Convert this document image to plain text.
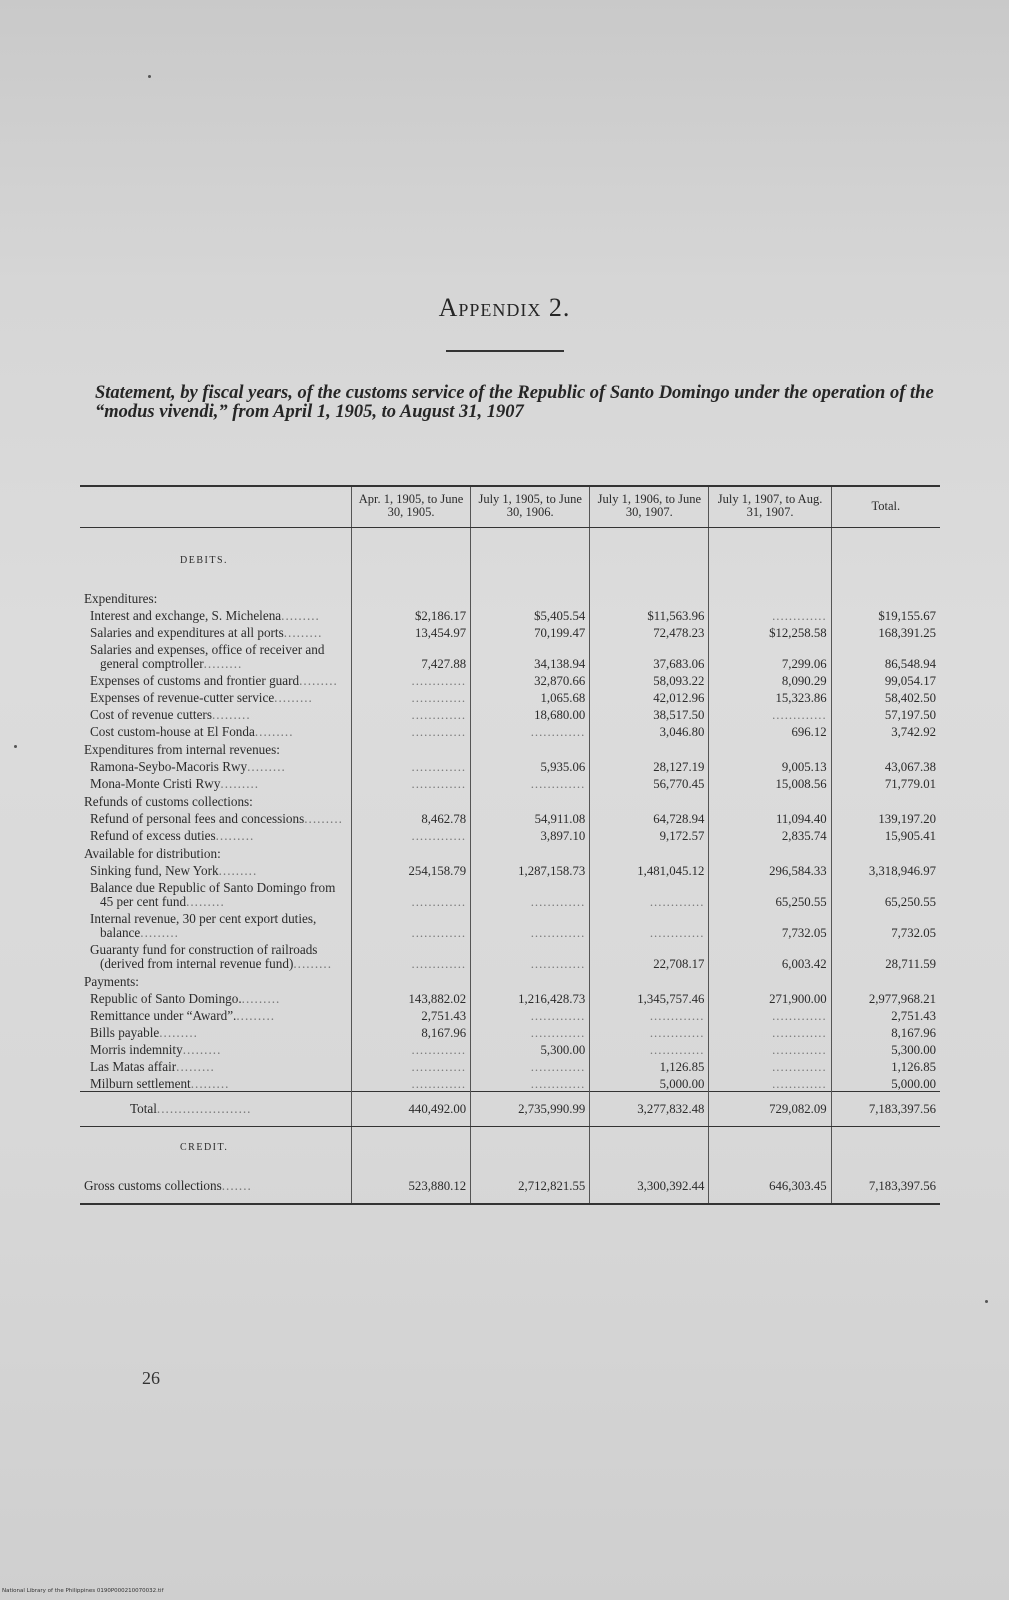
Appendix 2.
Statement, by fiscal years, of the customs service of the Republic of Santo Domingo under the operation of the “modus vivendi,” from April 1, 1905, to August 31, 1907
	Apr. 1, 1905, to June 30, 1905.	July 1, 1905, to June 30, 1906.	July 1, 1906, to June 30, 1907.	July 1, 1907, to Aug. 31, 1907.	Total.
DEBITS.					
Expenditures:					
Interest and exchange, S. Michelena.........	$2,186.17	$5,405.54	$11,563.96	.............	$19,155.67
Salaries and expenditures at all ports.........	13,454.97	70,199.47	72,478.23	$12,258.58	168,391.25
Salaries and expenses, office of receiver and general comptroller.........	7,427.88	34,138.94	37,683.06	7,299.06	86,548.94
Expenses of customs and frontier guard.........	.............	32,870.66	58,093.22	8,090.29	99,054.17
Expenses of revenue-cutter service.........	.............	1,065.68	42,012.96	15,323.86	58,402.50
Cost of revenue cutters.........	.............	18,680.00	38,517.50	.............	57,197.50
Cost custom-house at El Fonda.........	.............	.............	3,046.80	696.12	3,742.92
Expenditures from internal revenues:					
Ramona-Seybo-Macoris Rwy.........	.............	5,935.06	28,127.19	9,005.13	43,067.38
Mona-Monte Cristi Rwy.........	.............	.............	56,770.45	15,008.56	71,779.01
Refunds of customs collections:					
Refund of personal fees and concessions.........	8,462.78	54,911.08	64,728.94	11,094.40	139,197.20
Refund of excess duties.........	.............	3,897.10	9,172.57	2,835.74	15,905.41
Available for distribution:					
Sinking fund, New York.........	254,158.79	1,287,158.73	1,481,045.12	296,584.33	3,318,946.97
Balance due Republic of Santo Domingo from 45 per cent fund.........	.............	.............	.............	65,250.55	65,250.55
Internal revenue, 30 per cent export duties, balance.........	.............	.............	.............	7,732.05	7,732.05
Guaranty fund for construction of railroads (derived from internal revenue fund).........	.............	.............	22,708.17	6,003.42	28,711.59
Payments:					
Republic of Santo Domingo..........	143,882.02	1,216,428.73	1,345,757.46	271,900.00	2,977,968.21
Remittance under “Award”..........	2,751.43	.............	.............	.............	2,751.43
Bills payable.........	8,167.96	.............	.............	.............	8,167.96
Morris indemnity.........	.............	5,300.00	.............	.............	5,300.00
Las Matas affair.........	.............	.............	1,126.85	.............	1,126.85
Milburn settlement.........	.............	.............	5,000.00	.............	5,000.00
Total......................	440,492.00	2,735,990.99	3,277,832.48	729,082.09	7,183,397.56
CREDIT.					
Gross customs collections.......	523,880.12	2,712,821.55	3,300,392.44	646,303.45	7,183,397.56
26
National Library of the Philippines 0190P000210070032.tif
